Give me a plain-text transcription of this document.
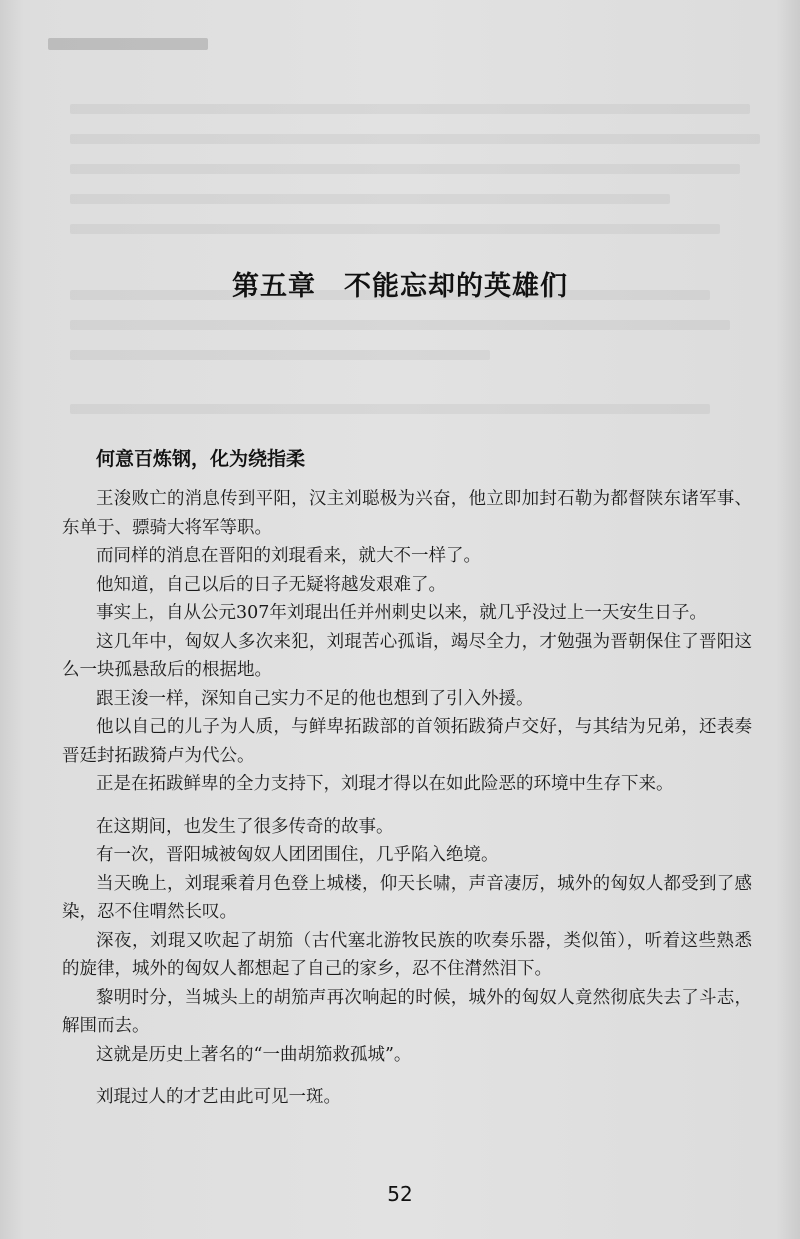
第五章　不能忘却的英雄们
何意百炼钢，化为绕指柔

王浚败亡的消息传到平阳，汉主刘聪极为兴奋，他立即加封石勒为都督陕东诸军事、东单于、骠骑大将军等职。

而同样的消息在晋阳的刘琨看来，就大不一样了。

他知道，自己以后的日子无疑将越发艰难了。

事实上，自从公元307年刘琨出任并州刺史以来，就几乎没过上一天安生日子。

这几年中，匈奴人多次来犯，刘琨苦心孤诣，竭尽全力，才勉强为晋朝保住了晋阳这么一块孤悬敌后的根据地。

跟王浚一样，深知自己实力不足的他也想到了引入外援。

他以自己的儿子为人质，与鲜卑拓跋部的首领拓跋猗卢交好，与其结为兄弟，还表奏晋廷封拓跋猗卢为代公。

正是在拓跋鲜卑的全力支持下，刘琨才得以在如此险恶的环境中生存下来。

在这期间，也发生了很多传奇的故事。

有一次，晋阳城被匈奴人团团围住，几乎陷入绝境。

当天晚上，刘琨乘着月色登上城楼，仰天长啸，声音凄厉，城外的匈奴人都受到了感染，忍不住喟然长叹。

深夜，刘琨又吹起了胡笳（古代塞北游牧民族的吹奏乐器，类似笛），听着这些熟悉的旋律，城外的匈奴人都想起了自己的家乡，忍不住潸然泪下。

黎明时分，当城头上的胡笳声再次响起的时候，城外的匈奴人竟然彻底失去了斗志，解围而去。

这就是历史上著名的“一曲胡笳救孤城”。

刘琨过人的才艺由此可见一斑。

52
